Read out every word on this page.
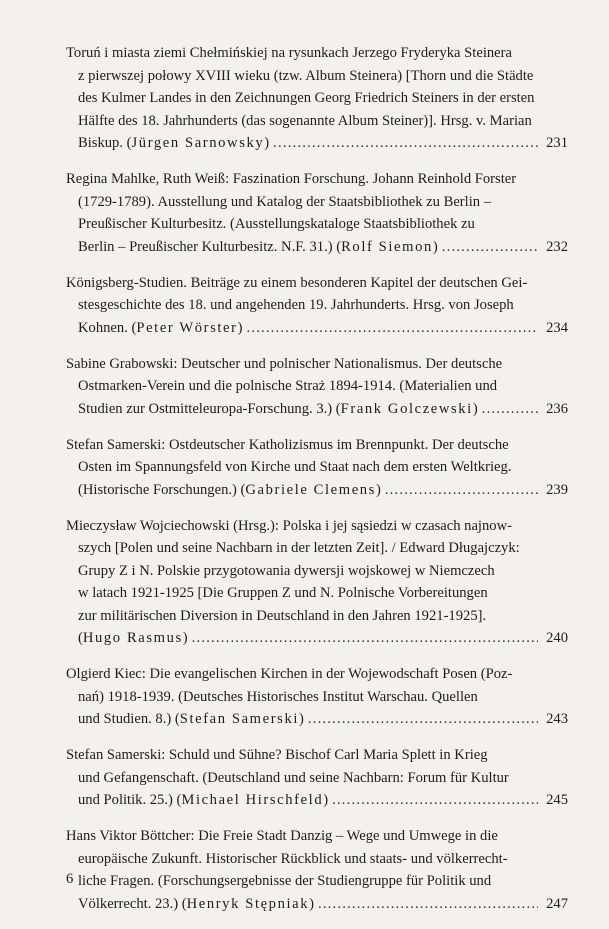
Toruń i miasta ziemi Chełmińskiej na rysunkach Jerzego Fryderyka Steinera
z pierwszej połowy XVIII wieku (tzw. Album Steinera) [Thorn und die Städte
des Kulmer Landes in den Zeichnungen Georg Friedrich Steiners in der ersten
Hälfte des 18. Jahrhunderts (das sogenannte Album Steiner)]. Hrsg. v. Marian
Biskup. (Jürgen Sarnowsky) .....	231
Regina Mahlke, Ruth Weiß: Faszination Forschung. Johann Reinhold Forster
(1729-1789). Ausstellung und Katalog der Staatsbibliothek zu Berlin –
Preußischer Kulturbesitz. (Ausstellungskataloge Staatsbibliothek zu
Berlin – Preußischer Kulturbesitz. N.F. 31.) (Rolf Siemon) .....	232
Königsberg-Studien. Beiträge zu einem besonderen Kapitel der deutschen Gei-
stesgeschichte des 18. und angehenden 19. Jahrhunderts. Hrsg. von Joseph
Kohnen. (Peter Wörster) .....	234
Sabine Grabowski: Deutscher und polnischer Nationalismus. Der deutsche
Ostmarken-Verein und die polnische Straż 1894-1914. (Materialien und
Studien zur Ostmitteleuropa-Forschung. 3.) (Frank Golczewski) .....	236
Stefan Samerski: Ostdeutscher Katholizismus im Brennpunkt. Der deutsche
Osten im Spannungsfeld von Kirche und Staat nach dem ersten Weltkrieg.
(Historische Forschungen.) (Gabriele Clemens) .....	239
Mieczysław Wojciechowski (Hrsg.): Polska i jej sąsiedzi w czasach najnow-
szych [Polen und seine Nachbarn in der letzten Zeit]. / Edward Długajczyk:
Grupy Z i N. Polskie przygotowania dywersji wojskowej w Niemczech
w latach 1921-1925 [Die Gruppen Z und N. Polnische Vorbereitungen
zur militärischen Diversion in Deutschland in den Jahren 1921-1925].
(Hugo Rasmus) .....	240
Olgierd Kiec: Die evangelischen Kirchen in der Wojewodschaft Posen (Poz-
nań) 1918-1939. (Deutsches Historisches Institut Warschau. Quellen
und Studien. 8.) (Stefan Samerski) .....	243
Stefan Samerski: Schuld und Sühne? Bischof Carl Maria Splett in Krieg
und Gefangenschaft. (Deutschland und seine Nachbarn: Forum für Kultur
und Politik. 25.) (Michael Hirschfeld) .....	245
Hans Viktor Böttcher: Die Freie Stadt Danzig – Wege und Umwege in die
europäische Zukunft. Historischer Rückblick und staats- und völkerrecht-
liche Fragen. (Forschungsergebnisse der Studiengruppe für Politik und
Völkerrecht. 23.) (Henryk Stępniak) .....	247
6
